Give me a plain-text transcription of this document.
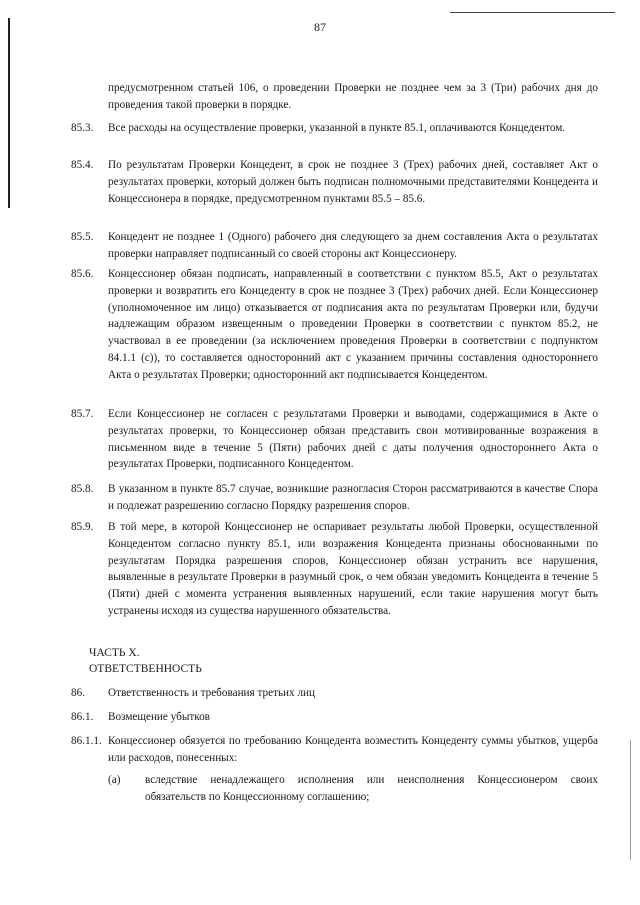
87
предусмотренном статьей 106, о проведении Проверки не позднее чем за 3 (Три) рабочих дня до проведения такой проверки в порядке.
85.3. Все расходы на осуществление проверки, указанной в пункте 85.1, оплачиваются Концедентом.
85.4. По результатам Проверки Концедент, в срок не позднее 3 (Трех) рабочих дней, составляет Акт о результатах проверки, который должен быть подписан полномочными представителями Концедента и Концессионера в порядке, предусмотренном пунктами 85.5 – 85.6.
85.5. Концедент не позднее 1 (Одного) рабочего дня следующего за днем составления Акта о результатах проверки направляет подписанный со своей стороны акт Концессионеру.
85.6. Концессионер обязан подписать, направленный в соответствии с пунктом 85.5, Акт о результатах проверки и возвратить его Концеденту в срок не позднее 3 (Трех) рабочих дней. Если Концессионер (уполномоченное им лицо) отказывается от подписания акта по результатам Проверки или, будучи надлежащим образом извещенным о проведении Проверки в соответствии с пунктом 85.2, не участвовал в ее проведении (за исключением проведения Проверки в соответствии с подпунктом 84.1.1 (с)), то составляется односторонний акт с указанием причины составления одностороннего Акта о результатах Проверки; односторонний акт подписывается Концедентом.
85.7. Если Концессионер не согласен с результатами Проверки и выводами, содержащимися в Акте о результатах проверки, то Концессионер обязан представить свои мотивированные возражения в письменном виде в течение 5 (Пяти) рабочих дней с даты получения одностороннего Акта о результатах Проверки, подписанного Концедентом.
85.8. В указанном в пункте 85.7 случае, возникшие разногласия Сторон рассматриваются в качестве Спора и подлежат разрешению согласно Порядку разрешения споров.
85.9. В той мере, в которой Концессионер не оспаривает результаты любой Проверки, осуществленной Концедентом согласно пункту 85.1, или возражения Концедента признаны обоснованными по результатам Порядка разрешения споров, Концессионер обязан устранить все нарушения, выявленные в результате Проверки в разумный срок, о чем обязан уведомить Концедента в течение 5 (Пяти) дней с момента устранения выявленных нарушений, если такие нарушения могут быть устранены исходя из существа нарушенного обязательства.
ЧАСТЬ X.
ОТВЕТСТВЕННОСТЬ
86. Ответственность и требования третьих лиц
86.1. Возмещение убытков
86.1.1. Концессионер обязуется по требованию Концедента возместить Концеденту суммы убытков, ущерба или расходов, понесенных:
(a) вследствие ненадлежащего исполнения или неисполнения Концессионером своих обязательств по Концессионному соглашению;
